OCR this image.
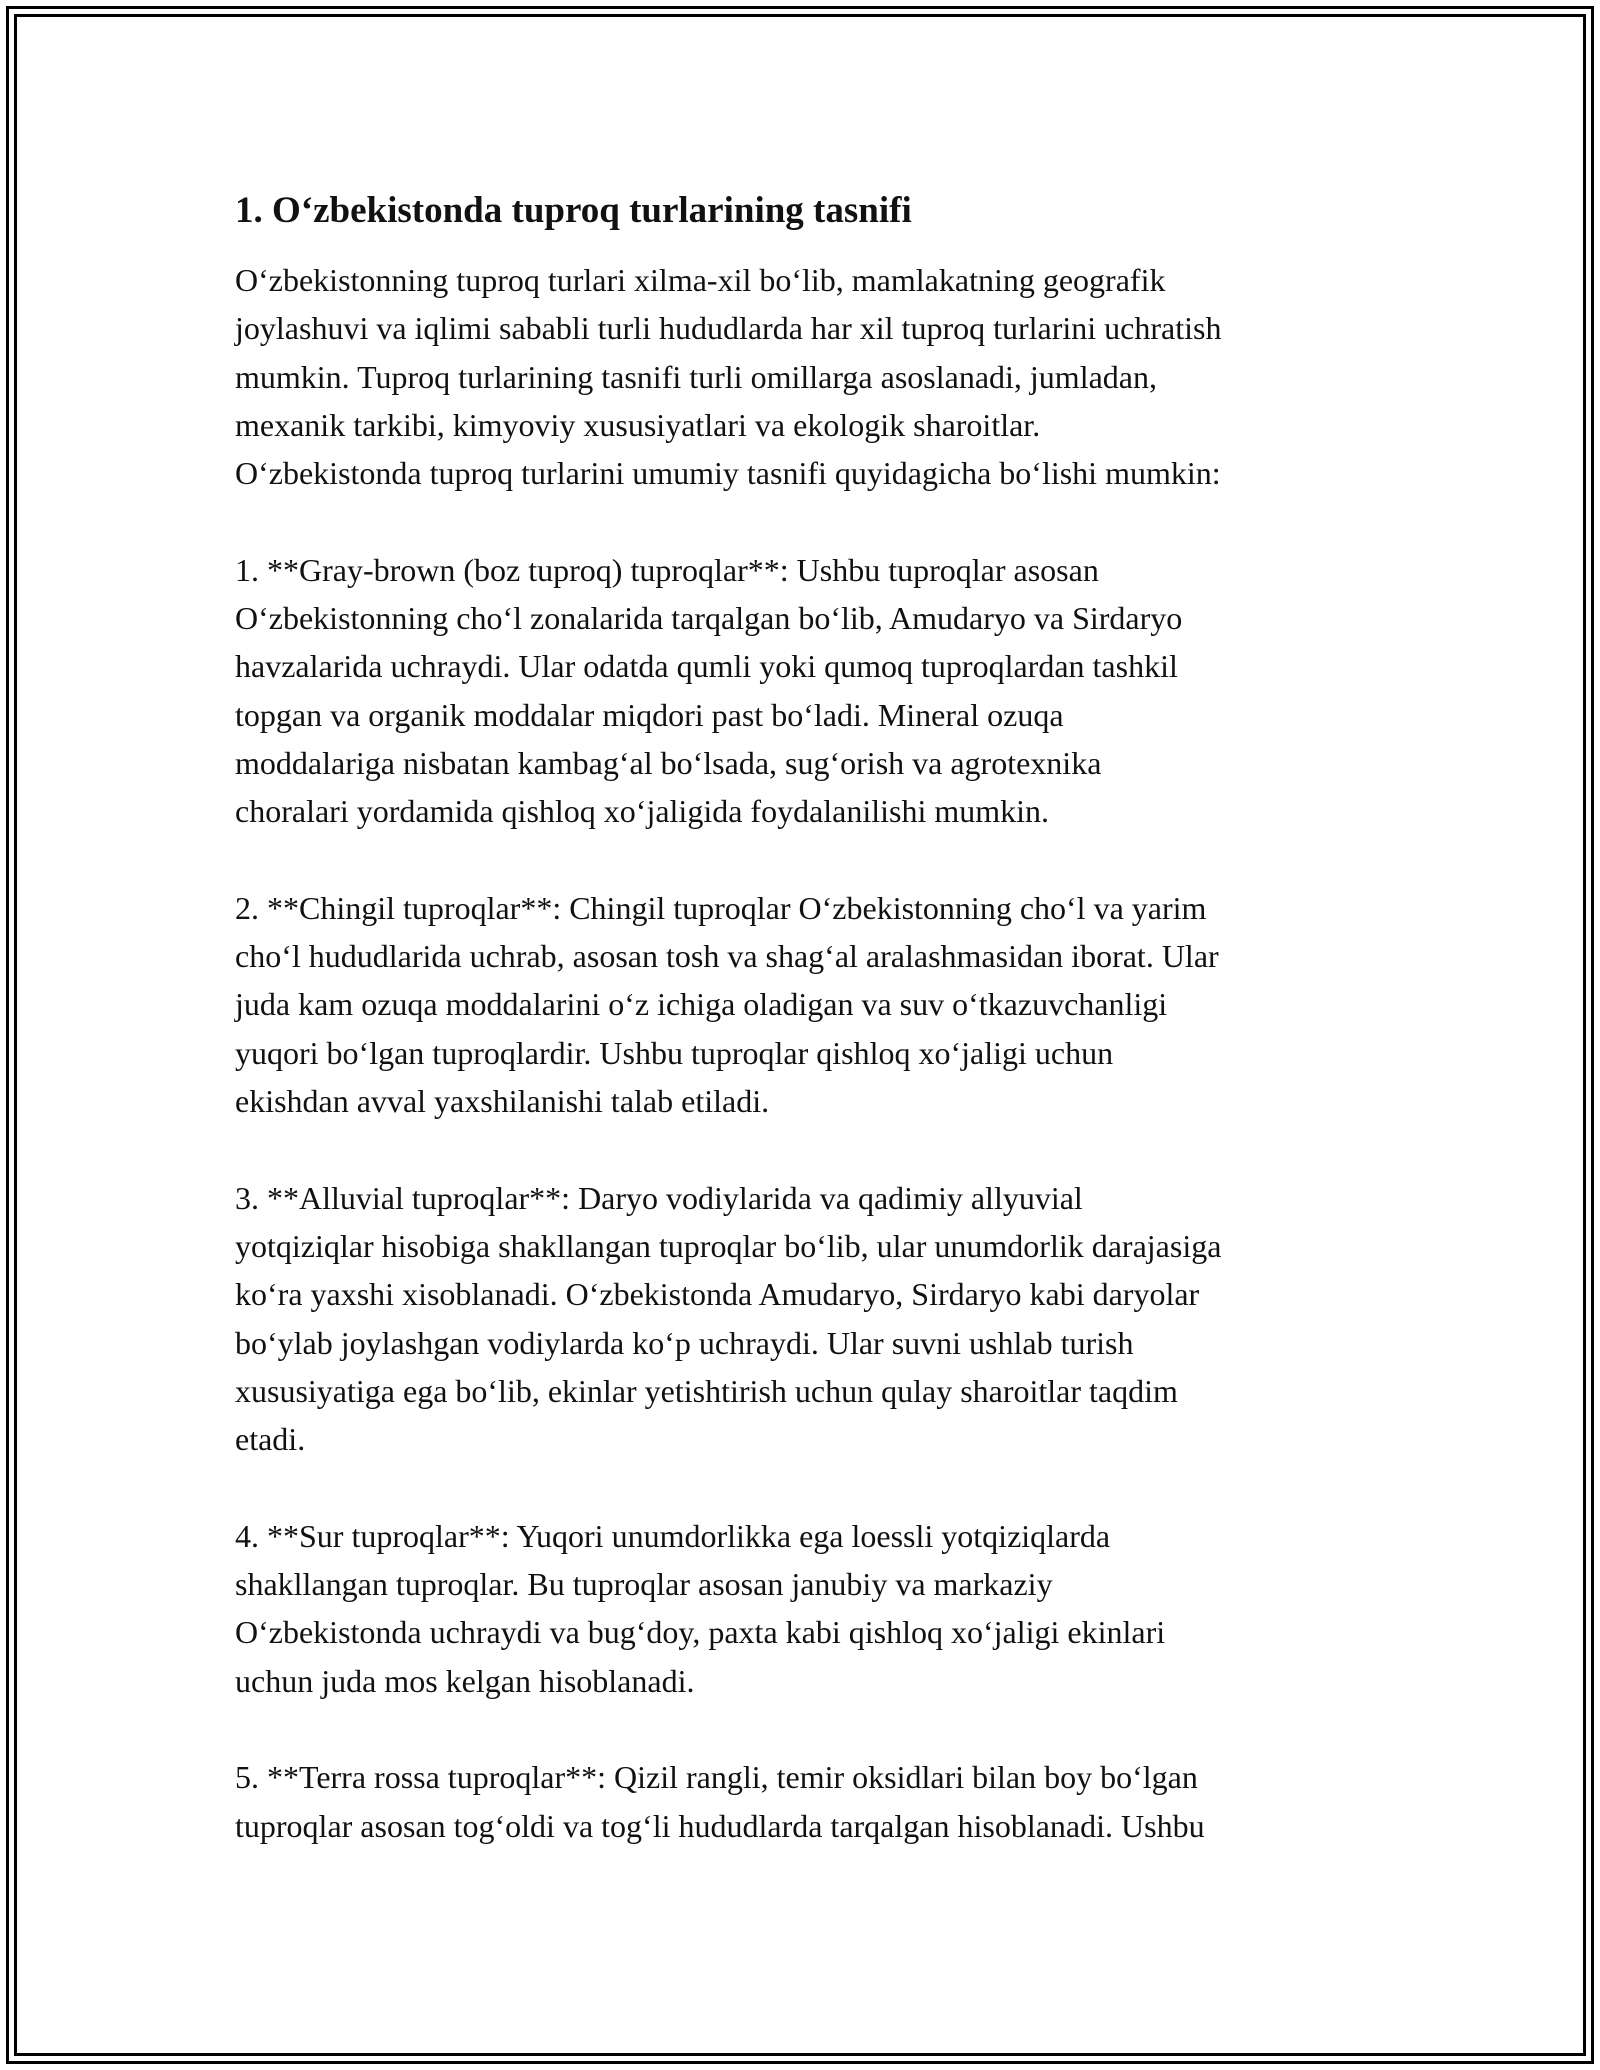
1. Oʻzbekistonda tuproq turlarining tasnifi

Oʻzbekistonning tuproq turlari xilma-xil boʻlib, mamlakatning geografik
joylashuvi va iqlimi sababli turli hududlarda har xil tuproq turlarini uchratish
mumkin. Tuproq turlarining tasnifi turli omillarga asoslanadi, jumladan,
mexanik tarkibi, kimyoviy xususiyatlari va ekologik sharoitlar.
Oʻzbekistonda tuproq turlarini umumiy tasnifi quyidagicha boʻlishi mumkin:

1. **Gray-brown (boz tuproq) tuproqlar**: Ushbu tuproqlar asosan
Oʻzbekistonning choʻl zonalarida tarqalgan boʻlib, Amudaryo va Sirdaryo
havzalarida uchraydi. Ular odatda qumli yoki qumoq tuproqlardan tashkil
topgan va organik moddalar miqdori past boʻladi. Mineral ozuqa
moddalariga nisbatan kambagʻal boʻlsada, sugʻorish va agrotexnika
choralari yordamida qishloq xoʻjaligida foydalanilishi mumkin.

2. **Chingil tuproqlar**: Chingil tuproqlar Oʻzbekistonning choʻl va yarim
choʻl hududlarida uchrab, asosan tosh va shagʻal aralashmasidan iborat. Ular
juda kam ozuqa moddalarini oʻz ichiga oladigan va suv oʻtkazuvchanligi
yuqori boʻlgan tuproqlardir. Ushbu tuproqlar qishloq xoʻjaligi uchun
ekishdan avval yaxshilanishi talab etiladi.

3. **Alluvial tuproqlar**: Daryo vodiylarida va qadimiy allyuvial
yotqiziqlar hisobiga shakllangan tuproqlar boʻlib, ular unumdorlik darajasiga
koʻra yaxshi xisoblanadi. Oʻzbekistonda Amudaryo, Sirdaryo kabi daryolar
boʻylab joylashgan vodiylarda koʻp uchraydi. Ular suvni ushlab turish
xususiyatiga ega boʻlib, ekinlar yetishtirish uchun qulay sharoitlar taqdim
etadi.

4. **Sur tuproqlar**: Yuqori unumdorlikka ega loessli yotqiziqlarda
shakllangan tuproqlar. Bu tuproqlar asosan janubiy va markaziy
Oʻzbekistonda uchraydi va bugʻdoy, paxta kabi qishloq xoʻjaligi ekinlari
uchun juda mos kelgan hisoblanadi.

5. **Terra rossa tuproqlar**: Qizil rangli, temir oksidlari bilan boy boʻlgan
tuproqlar asosan togʻoldi va togʻli hududlarda tarqalgan hisoblanadi. Ushbu
